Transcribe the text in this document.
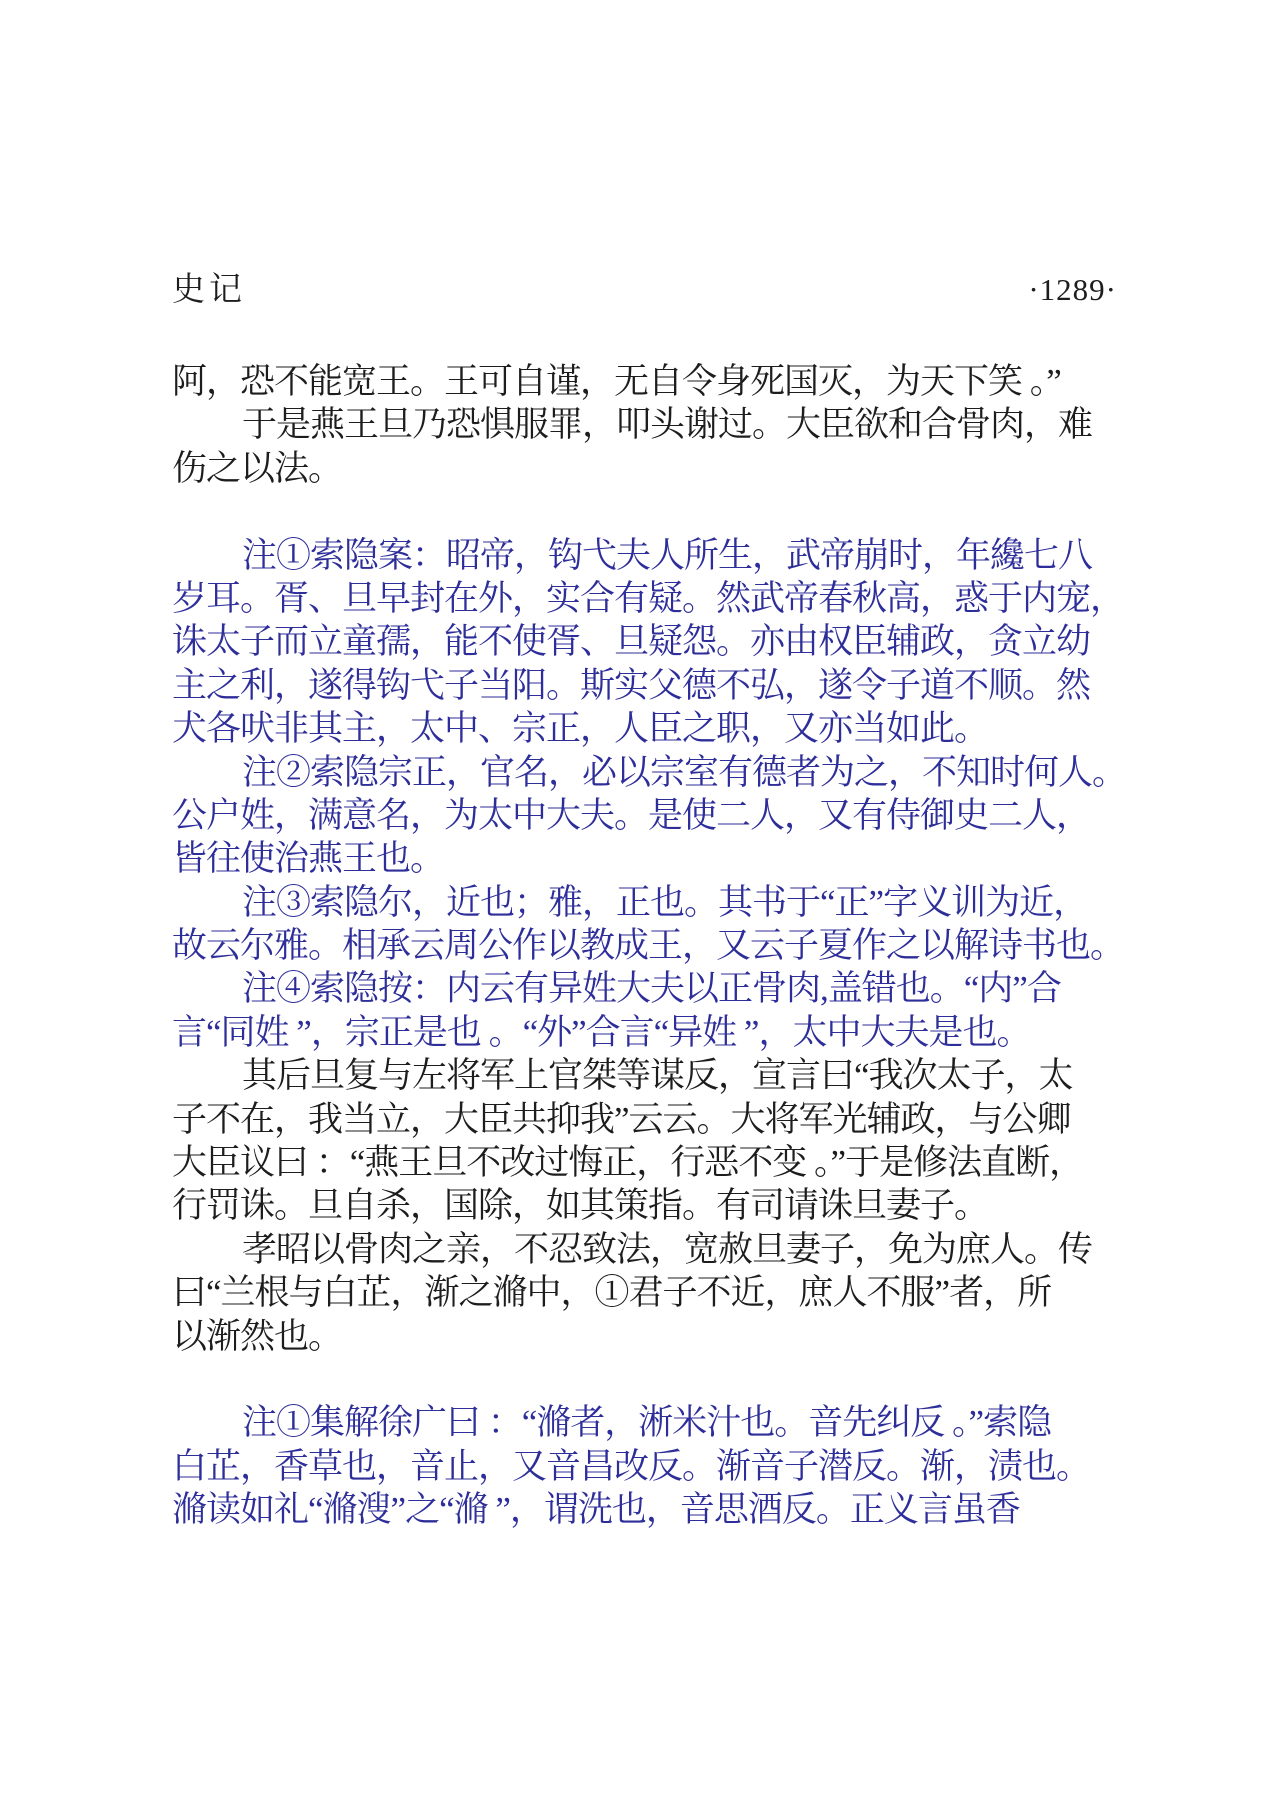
史记	·1289·
阿，恐不能宽王。王可自谨，无自令身死国灭，为天下笑 。”
于是燕王旦乃恐惧服罪，叩头谢过。大臣欲和合骨肉，难
伤之以法。
注①索隐案：昭帝，钩弋夫人所生，武帝崩时，年纔七八
岁耳。胥、旦早封在外，实合有疑。然武帝春秋高，惑于内宠，
诛太子而立童孺，能不使胥、旦疑怨。亦由权臣辅政，贪立幼
主之利，遂得钩弋子当阳。斯实父德不弘，遂令子道不顺。然
犬各吠非其主，太中、宗正，人臣之职，又亦当如此。
注②索隐宗正，官名，必以宗室有德者为之，不知时何人。
公户姓，满意名，为太中大夫。是使二人，又有侍御史二人，
皆往使治燕王也。
注③索隐尔，近也；雅，正也。其书于“正”字义训为近，
故云尔雅。相承云周公作以教成王，又云子夏作之以解诗书也。
注④索隐按：内云有异姓大夫以正骨肉,盖错也。“内”合
言“同姓 ”，宗正是也 。“外”合言“异姓 ”，太中大夫是也。
其后旦复与左将军上官桀等谋反，宣言曰“我次太子，太
子不在，我当立，大臣共抑我”云云。大将军光辅政，与公卿
大臣议曰 ：“燕王旦不改过悔正，行恶不变 。”于是修法直断，
行罚诛。旦自杀，国除，如其策指。有司请诛旦妻子。
孝昭以骨肉之亲，不忍致法，宽赦旦妻子，免为庶人。传
曰“兰根与白芷，渐之滫中，①君子不近，庶人不服”者，所
以渐然也。
注①集解徐广曰 ：“滫者，淅米汁也。音先纠反 。”索隐
白芷，香草也，音止，又音昌改反。渐音子潜反。渐，渍也。
滫读如礼“滫溲”之“滫 ”，谓洗也，音思酒反。正义言虽香
